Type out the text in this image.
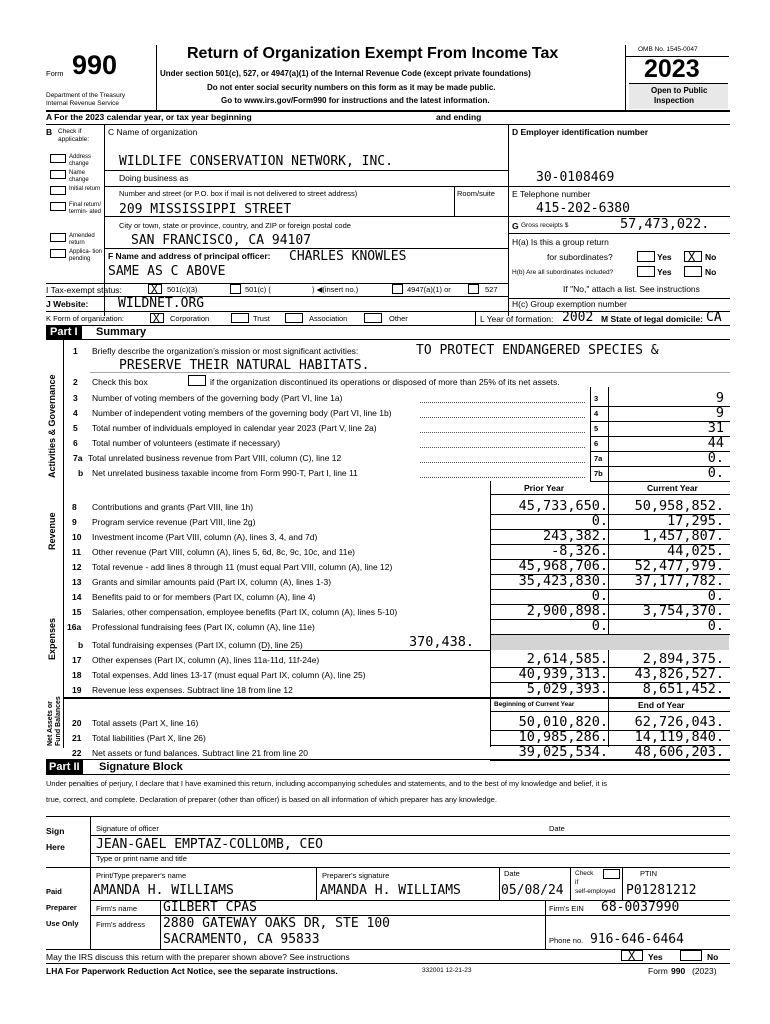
Form 990
Department of the Treasury
Internal Revenue Service
Return of Organization Exempt From Income Tax
Under section 501(c), 527, or 4947(a)(1) of the Internal Revenue Code (except private foundations)
Do not enter social security numbers on this form as it may be made public.
Go to www.irs.gov/Form990 for instructions and the latest information.
OMB No. 1545-0047
2023
Open to Public
Inspection
A For the 2023 calendar year, or tax year beginning	and ending
B Check if
applicable:
Address change
Name change
Initial return
Final return/ termin- ated
Amended return
Applica- tion pending
C Name of organization
WILDLIFE CONSERVATION NETWORK, INC.
Doing business as
Number and street (or P.O. box if mail is not delivered to street address)	Room/suite
209 MISSISSIPPI STREET
City or town, state or province, country, and ZIP or foreign postal code
SAN FRANCISCO, CA 94107
F Name and address of principal officer: CHARLES KNOWLES
SAME AS C ABOVE
D Employer identification number
30-0108469
E Telephone number
415-202-6380
G Gross receipts $	57,473,022.
H(a) Is this a group return
for subordinates?	Yes X No
H(b) Are all subordinates included?	Yes	No
If "No," attach a list. See instructions
I Tax-exempt status:	X 501(c)(3)	501(c) (	) ◀(insert no.)	4947(a)(1) or	527
J Website: WILDNET.ORG	H(c) Group exemption number
K Form of organization:	X Corporation	Trust	Association	Other	L Year of formation: 2002 M State of legal domicile: CA
Part I	Summary
Activities & Governance
Revenue
Expenses
Net Assets or Fund Balances
1 Briefly describe the organization’s mission or most significant activities:	TO PROTECT ENDANGERED SPECIES &
PRESERVE THEIR NATURAL HABITATS.
2 Check this box	if the organization discontinued its operations or disposed of more than 25% of its net assets.
3 Number of voting members of the governing body (Part VI, line 1a)	3	9
4 Number of independent voting members of the governing body (Part VI, line 1b)	4	9
5 Total number of individuals employed in calendar year 2023 (Part V, line 2a)	5	31
6 Total number of volunteers (estimate if necessary)	6	44
7a Total unrelated business revenue from Part VIII, column (C), line 12	7a	0.
b Net unrelated business taxable income from Form 990-T, Part I, line 11	7b	0.
Prior Year	Current Year
8 Contributions and grants (Part VIII, line 1h)	45,733,650. 50,958,852.
9 Program service revenue (Part VIII, line 2g)	0.	17,295.
10 Investment income (Part VIII, column (A), lines 3, 4, and 7d)	243,382.	1,457,807.
11 Other revenue (Part VIII, column (A), lines 5, 6d, 8c, 9c, 10c, and 11e)	-8,326.	44,025.
12 Total revenue - add lines 8 through 11 (must equal Part VIII, column (A), line 12)	45,968,706. 52,477,979.
13 Grants and similar amounts paid (Part IX, column (A), lines 1-3)	35,423,830. 37,177,782.
14 Benefits paid to or for members (Part IX, column (A), line 4)	0.	0.
15 Salaries, other compensation, employee benefits (Part IX, column (A), lines 5-10)	2,900,898.	3,754,370.
16a Professional fundraising fees (Part IX, column (A), line 11e)	0.	0.
17 Other expenses (Part IX, column (A), lines 11a-11d, 11f-24e)	2,614,585.	2,894,375.
18 Total expenses. Add lines 13-17 (must equal Part IX, column (A), line 25)	40,939,313. 43,826,527.
19 Revenue less expenses. Subtract line 18 from line 12	5,029,393.	8,651,452.
b Total fundraising expenses (Part IX, column (D), line 25)	370,438.
Beginning of Current Year	End of Year
20 Total assets (Part X, line 16)	50,010,820. 62,726,043.
21 Total liabilities (Part X, line 26)	10,985,286. 14,119,840.
22 Net assets or fund balances. Subtract line 21 from line 20	39,025,534. 48,606,203.
Part II Signature Block
Under penalties of perjury, I declare that I have examined this return, including accompanying schedules and statements, and to the best of my knowledge and belief, it is
true, correct, and complete. Declaration of preparer (other than officer) is based on all information of which preparer has any knowledge.
Sign
Here
Signature of officer	Date
JEAN-GAEL EMPTAZ-COLLOMB, CEO
Type or print name and title
Paid
Preparer
Use Only
Print/Type preparer's name	Preparer's signature	Date	Check
if
self-employed
PTIN
AMANDA H. WILLIAMS	AMANDA H. WILLIAMS	05/08/24	P01281212
Firm's name GILBERT CPAS	Firm's EIN 68-0037990
Firm's address 2880 GATEWAY OAKS DR, STE 100
SACRAMENTO, CA 95833	Phone no. 916-646-6464
May the IRS discuss this return with the preparer shown above? See instructions	X Yes	No
LHA For Paperwork Reduction Act Notice, see the separate instructions.	332001 12-21-23	Form 990 (2023)
